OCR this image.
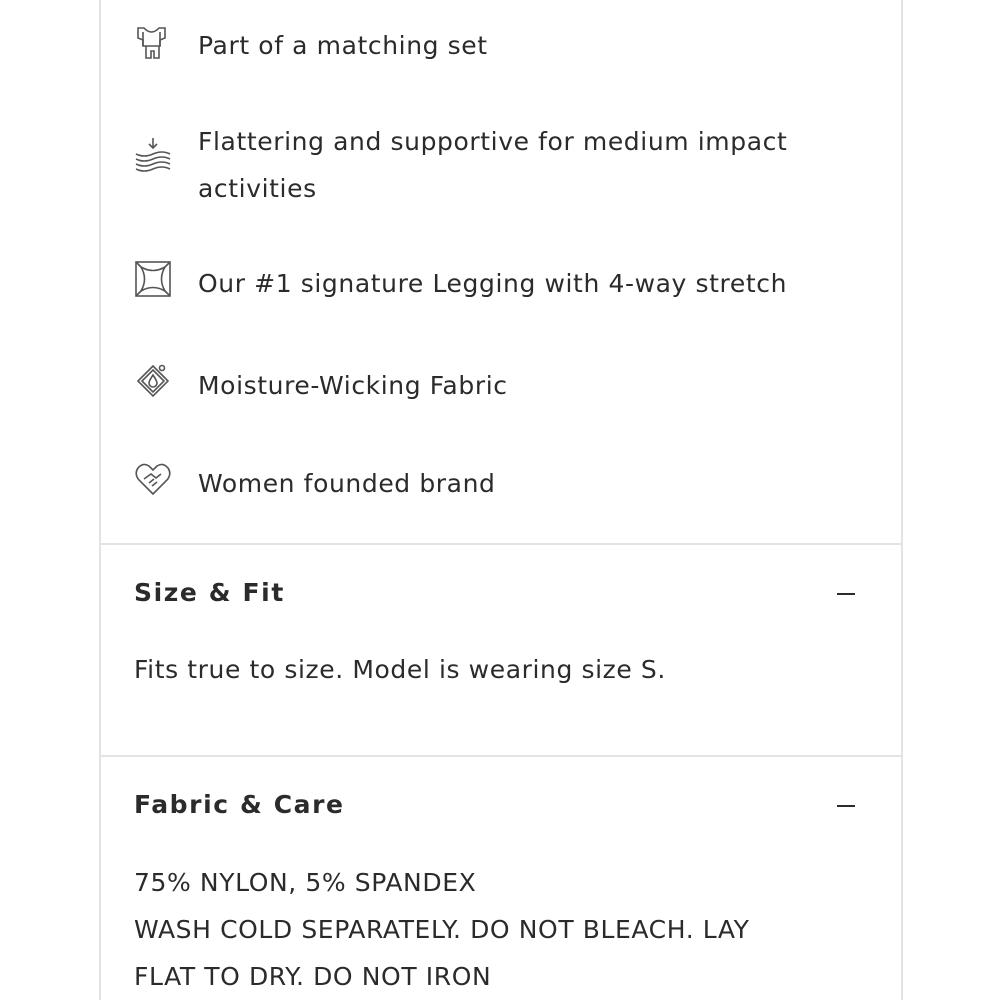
Part of a matching set
Flattering and supportive for medium impact activities
Our #1 signature Legging with 4-way stretch
Moisture-Wicking Fabric
Women founded brand
Size & Fit
Fits true to size. Model is wearing size S.
Fabric & Care
75% NYLON, 5% SPANDEX
WASH COLD SEPARATELY. DO NOT BLEACH. LAY
FLAT TO DRY. DO NOT IRON
